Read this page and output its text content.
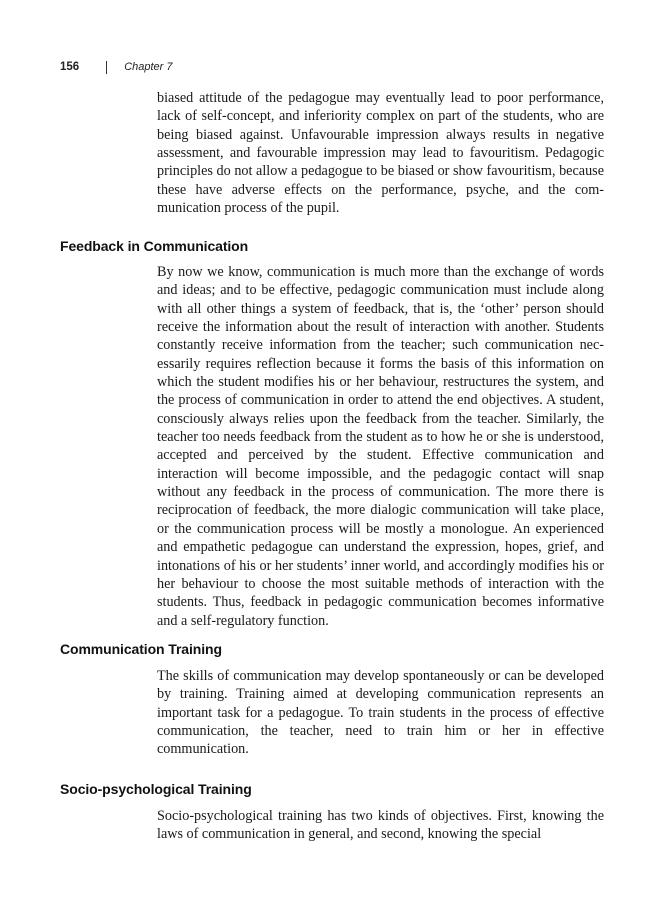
156	Chapter 7

biased attitude of the pedagogue may eventually lead to poor performance, lack of self-concept, and inferiority complex on part of the students, who are being biased against. Unfavourable impression always results in negative assessment, and favourable impression may lead to favouritism. Pedagogic principles do not allow a pedagogue to be biased or show favouritism, because these have adverse effects on the performance, psyche, and the communication process of the pupil.

Feedback in Communication

By now we know, communication is much more than the exchange of words and ideas; and to be effective, pedagogic communication must include along with all other things a system of feedback, that is, the ‘other’ person should receive the information about the result of interaction with another. Students constantly receive information from the teacher; such communication necessarily requires reflection because it forms the basis of this information on which the student modifies his or her behaviour, restructures the system, and the process of communication in order to attend the end objectives. A student, consciously always relies upon the feedback from the teacher. Similarly, the teacher too needs feedback from the student as to how he or she is understood, accepted and perceived by the student. Effective communication and interaction will become impossible, and the pedagogic contact will snap without any feedback in the process of communication. The more there is reciprocation of feedback, the more dialogic communication will take place, or the communication process will be mostly a monologue. An experienced and empathetic pedagogue can understand the expression, hopes, grief, and intonations of his or her students’ inner world, and accordingly modifies his or her behaviour to choose the most suitable methods of interaction with the students. Thus, feedback in pedagogic communication becomes informative and a self-regulatory function.

Communication Training

The skills of communication may develop spontaneously or can be developed by training. Training aimed at developing communication represents an important task for a pedagogue. To train students in the process of effective communication, the teacher, need to train him or her in effective communication.

Socio-psychological Training

Socio-psychological training has two kinds of objectives. First, knowing the laws of communication in general, and second, knowing the special
